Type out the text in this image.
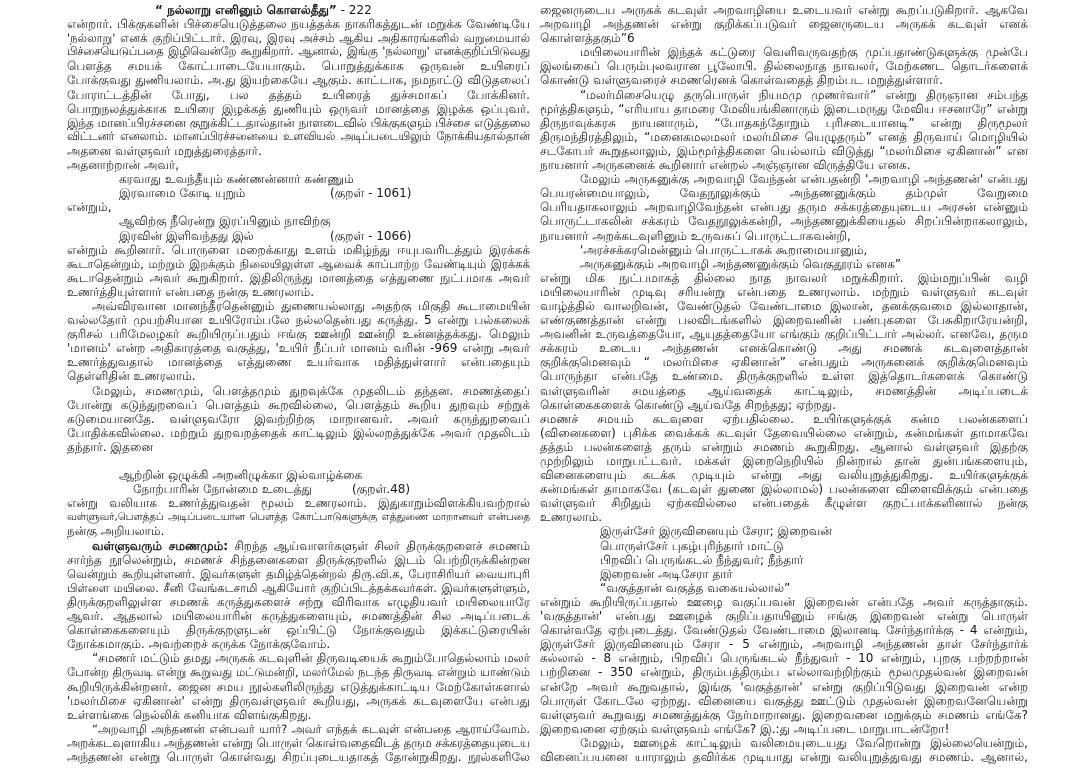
“ நல்லாறு எனினும் கொளல்தீது” - 222
என்றார். பிக்குகளின் பிச்சையெடுத்தலை நயத்தக்க நாகரிகத்துடன் மறுக்க வேண்டியே
'நல்லாறு' எனக் குறிப்பிட்டார். இரவு, இரவு அச்சம் ஆகிய அதிகாரங்களில் வறுமையால்
பிச்சையெடுப்பதை இழிவென்றே கூறுகிறார். ஆனால், இங்கு 'நல்லாறு' எனக்குறிப்பிடுவது
பௌத்த சமயக் கோட்பாடையேயாகும். பொறுத்துக்காக ஒருவன் உயிரைப்
போக்குவது துணியலாம். அ.து இயற்கையே ஆகும். காட்டாக, நமநாட்டு விடுதலைப்
போராட்டத்தின் போது, பல தத்தம் உயிரைத் துச்சமாகப் போக்கினர்.
பொறுநலத்துக்காக உயிரை இழக்கத் துணியும் ஒருவர் மானத்தை இழக்க ஒப்புவர்.
இந்த மானப்பிரச்சனை குறுக்கிட்டதால்தான் நாளடைவில் பிக்குகளும் பிச்சை எடுத்தலை
விட்டனர் எனலாம். மானப்பிரச்சனையை உளவியல் அடிப்படையிலும் நோக்கியதால்தான்
அதனை வள்ளுவர் மறுத்துரைத்தார்.
அதனாற்றான் அவர்,
கரவாது உவந்தீயும் கண்ணன்னார் கண்ணும்
இரவாமை கோடி யுறும்	(குறள் - 1061)
என்றும்,
ஆவிற்கு நீரென்று இரப்பினும் நாவிற்கு
இரவின் இளிவந்தது இல்	(குறள் - 1066)
என்றும் கூறினார். பொருளை மறைக்காது உளம் மகிழ்ந்து ஈயுபவரிடத்தும் இரக்கக்
கூடாதென்றும், மற்றும் இறக்கும் நிலையிலுள்ள ஆவைக் காப்பாற்ற வேண்டியும் இரக்கக்
கூடாதென்றும் அவர் கூறுகிறார். இதிலிருந்து மானத்தை எத்துணை நுட்பமாக அவர்
உணர்த்தியுள்ளார் என்பதை நன்கு உணரலாம்.
அவ்விரவான மானந்தீரதென்னும் துணையல்லாது அதற்கு மிகுதி கூடாமையின்
வல்லதோர் முயற்சியான உயிரோம்பலே நல்லதென்பது கருத்து. 5 என்று பல்கலைக்
குரிசல் பரிமேலழகர் கூறியிருப்பதும் ஈங்கு ஊன்றி ஊன்றி உன்னத்தக்கது. மெலும்
'மானம்' என்ற அதிகாரத்தை வகுத்து, 'உயிர் நீப்பர் மானம் வரின் -969 என்று அவர்
உணர்த்துவதால் மானத்தை எத்துணை உயர்வாக மதித்துள்ளார் என்பதையும்
தெள்ளிதின் உணரலாம்.
மேலும், சமணமும், பௌத்தமும் துறவுக்கே முதலிடம் தந்தன. சமணத்தைப்
போன்று கடுந்துறவைப் பௌத்தம் கூறவில்லை, பௌத்தம் கூறிய துறவும் சற்றுக்
கடுமையானதே. வள்ளுவரோ இவற்றிற்கு மாறானவர். அவர் கருந்துறவைப்
போதிக்கவில்லை. மற்றும் துறவறத்தைக் காட்டிலும் இல்லறத்துக்கே அவர் முதலிடம்
தந்தார். இதனை
ஆற்றின் ஒழுக்கி அறனிழுக்கா இல்வாழ்க்கை
நோற்பாரின் நோன்மை உடைத்து	(குறள்.48)
என்று வலியாக உணர்த்துவதன் மூலம் உணரலாம். இதுகாறும்விளக்கியவற்றால்
வள்ளுவர்,பௌத்தப் அடிப்படையான பௌத்த கோட்பாடுகளுக்கு எத்துணை மாறானவர் என்பதை
நன்கு அறியலாம்.
வள்ளுவரும் சமணமும்: சிறந்த ஆய்வாளர்களுள் சிலர் திருக்குறளைச் சமணம்
சார்ந்த நூலென்றும், சமணச் சிந்தனைகளை திருக்குறளில் இடம் பெற்றிருக்கின்றன
வென்றும் கூறியுள்ளனர். இவர்களுள் தமிழ்த்தென்றல் திரு.வி.க, பேராசிரியர் வையாபுரி
பிள்ளை மயிலை. சீனி வேங்கடசாமி ஆகியோர் குறிப்பிடத்தக்கவர்கள். இவர்களுள்ளும்,
திருக்குறளிலுள்ள சமணக் கருத்துகளைச் சற்று விரிவாக எழுதியவர் மயிலையாரே
ஆவர். ஆதலால் மயிலையாரின் கருத்துகளையும், சமணத்தின் சில அடிப்படைக்
கொள்கைகளையும் திருக்குறளுடன் ஒப்பிட்டு நோக்குவதும் இக்கட்டுரையின்
நோக்கமாகும். அவற்றைச் சுருக்க நோக்குவோம்.
“சமணர் மட்டும் தமது அருகக் கடவுளின் திருவடியைக் கூறும்போதெல்லாம் மலர்
போன்ற திருவடி என்று கூறுவது மட்டுமன்றி, மலர்மேல் நடந்த திருவடி என்றும் யாண்டும்
கூறியிருக்கின்றனர். ஜைன சமய நூல்களிலிருந்து எடுத்துக்காட்டிய மேற்கோள்களால்
'மலர்மிசை ஏகினான்' என்று திருவள்ளுவர் கூறியது, அருகக் கடவுளையே என்பது
உள்ளங்கை நெல்லிக் கனியாக விளங்குகிறது.
“அறவாழி அந்தணன் என்பவர் யார்? அவர் எந்தக் கடவுள் என்பதை ஆராய்வோம்.
அறக்கடவுளாகிய அந்தணன் என்று பொருள் கொள்வதைவிடத் தரும சக்கரத்தையுடைய
அந்தணன் என்று பொருள் கொள்வது சிறப்புடையதாகத் தோன்றுகிறது. நூல்களிலே
ஜைனருடைய அருகக் கடவுள் அறவாழியை உடையவர் என்று கூறப்படுகிறார். ஆகவே
அறவாழி அந்தணன் என்று குறிக்கப்படுவர் ஜைனருடைய அருகக் கடவுள் எனக்
கொள்ளத்தகும்”6
மயிலையாரின் இந்தக் கட்டுரை வெளிவருவதற்கு முப்பதாண்டுகளுக்கு முன்பே
இலங்கைப் பெரும்புலவரான பூலோபி. தில்லைநாத நாவலர், மேற்கணட தொடர்களைக்
கொண்டு வள்ளுவரைச் சமணரெனக் கொள்வதைத் திறம்பட மறுத்துள்ளார்.
“மலர்மிசையெழு தருபொருள் நியமமு முணர்வார்” என்று திருஞான சம்பந்த
மூர்த்திகளும், “எரியாய தாமரை மேலியங்கினாரும் இடைமருது மேவிய ஈசனாரே” என்று
திருநாவுக்கரசு நாயனாரும், “போதகந்தோறும் புரிசடையானடி” என்று திருமூலர்
திருமந்திரத்திலும், “மனைகமலமலர் மலர்மிசை யெழுதரும்” எனத் திருவாய் மொழியில்
சடகோபர் கூறுதலாலும், இம்மூர்த்திகளை யெல்லாம் விடுத்து “மலர்மிசை ஏகினான்” என
நாயனார் அருகனைக் கூறினார் என்றல் அஞ்ஞான விருத்தியே எனக.
மேலும் அருகனுக்கு அறவாழி வேந்தன் என்பதன்றி 'அறவாழி அந்தணன்' என்பது
பெயரன்மையாலும், வேதநூலுக்கும் அந்தணனுக்கும் தம்முள் வேறுமை
பெரியதாகலாலும் அறவாழிவேந்தன் என்பது தரும சக்கரத்தையுடைய அரசன் என்னும்
பொருட்டாகலின் சக்கரம் வேதநூலுக்கன்றி, அந்தணனுக்கியைதல் சிறப்பின்றாகலாலும்,
நாயனார் அறக்கடவுளினும் உருவகப் பொருட்டாகவன்றி,
'அரச்சக்கரமென்னும் பொருட்டாகக் கூறாமையானும்,
அருகனுக்கும் அறவாழி அந்தணனுக்கும் வெகுதூரம் எனக”
என்று மிக நுட்பமாகத் தில்லை நாத நாவலர் மறுக்கிறார். இம்மறுப்பின் வழி
மயிலையாரின் முடிவு சரியன்று என்பதை உணரலாம். மற்றும் வள்ளுவர் கடவுள்
வாழ்த்தில் வாலறிவன், வேண்டுதல் வேண்டாமை இலான், தனக்குவமை இல்லாதான்,
எண்குணத்தான் என்று பலவிடங்களில் இறைவனின் பண்புகளை பேசுகிறாரேயன்றி,
அவனின் உருவத்தையோ, ஆயுதத்தையோ எங்கும் குறிப்பிட்டார் அல்லர். எனவே, தரும
சக்கரம் உடைய அந்தணன் எனக்கொண்டு அது சமணக் கடவுளைத்தான்
குறிக்குமெனவும் “ மலர்மிசை ஏகினான்” என்பதும் அருகனைக் குறிக்குமெனவும்
பொருந்தா என்பதே உண்மை. திருக்குறளில் உள்ள இத்தொடர்களைக் கொண்டு
வள்ளுவரின் சமயத்தை ஆய்வதைக் காட்டிலும், சமணத்தின் அடிப்படைக்
கொள்கைகளைக் கொண்டு ஆய்வதே சிறந்தது; ஏற்றது.
சமணச் சமயம் கடவுளை ஏற்பதில்லை. உயிர்களுக்குக் கன்ம பலன்களைப்
(வினைகளை) புசிக்க வைக்கக் கடவுள் தேவையில்லை என்றும், கன்மங்கள் தாமாகவே
தத்தம் பலன்களைத் தரும் என்றும் சமணம் கூறுகிறது. ஆனால் வள்ளுவர் இதற்கு
முற்றிலும் மாறுபட்டவர். மக்கள் இறைநெறியில் நின்றால் தான் துன்பங்களையும்,
வினைகளையும் கடக்க முடியும் என்று அது வலியுறுத்துகிறது. உயிர்களுக்குக்
கன்மங்கள் தாமாகவே (கடவுள் துணை இல்லாமல்) பலன்களை விளைவிக்கும் என்பதை
வள்ளுவர் சிறிதும் ஏற்கவில்லை என்பதைக் கீழுள்ள குறட்பாக்களினால் நன்கு
உணரலாம்.
இருள்சேர் இருவினையும் சேரா; இறைவன்
பொருள்சேர் புகழ்புரிந்தார் மாட்டு
பிறவிப் பெருங்கடல் நீந்துவர்; நீந்தார்
இறைவன் அடிசேரா தார்
“வகுத்தான் வகுத்த வகையல்லால்”
என்றும் கூறியிருப்பதால் ஊழை வகுப்பவன் இறைவன் என்பதே அவர் கருத்தாகும்.
'வகுத்தான்' என்பது ஊழைக் குறிப்பதாயினும் ஈங்கு இறைவன் என்று பொருள்
கொள்வதே ஏற்புடைத்து. வேண்டுதல் வேண்டாமை இலானடி சேர்ந்தார்க்கு - 4 என்றும்,
இருள்சேர் இருவினையும் சேரா - 5 என்றும், அறவாழி அந்தணன் தாள் சேர்ந்தார்க்
கல்லால் - 8 என்றும், பிறவிப் பெருங்கடல் நீந்துவர் - 10 என்றும், புறகு பற்றற்றான்
பற்றினை - 350 என்றும், திரும்பத்திரும்ப எல்லாவற்றிற்கும் மூலமுதல்வன் இறைவன்
என்றே அவர் கூறுவதால், இங்கு 'வகுத்தான்' என்று குறிப்பிடுவது இறைவன் என்ற
பொருள் கோடலே ஏற்றது. வினையை வகுத்து ஊட்டும் முதல்வன் இறைவனேயென்று
வள்ளுவர் கூறுவது சமணத்துக்கு நேர்மாறானது. இறைவனை மறுக்கும் சமணம் எங்கே?
இறைவனை ஏற்கும் வள்ளுவம் எங்கே? இ.:து அடிப்படை மாறுபாடன்றோ!
மேலும், ஊழைக் காட்டிலும் வலிமையுடையது வேறொன்று இல்லையென்றும்,
வினைப்பயனை யாராலும் தவிர்க்க முடியாது என்று வலியுறுத்துவது சமணம். ஆனால்,
